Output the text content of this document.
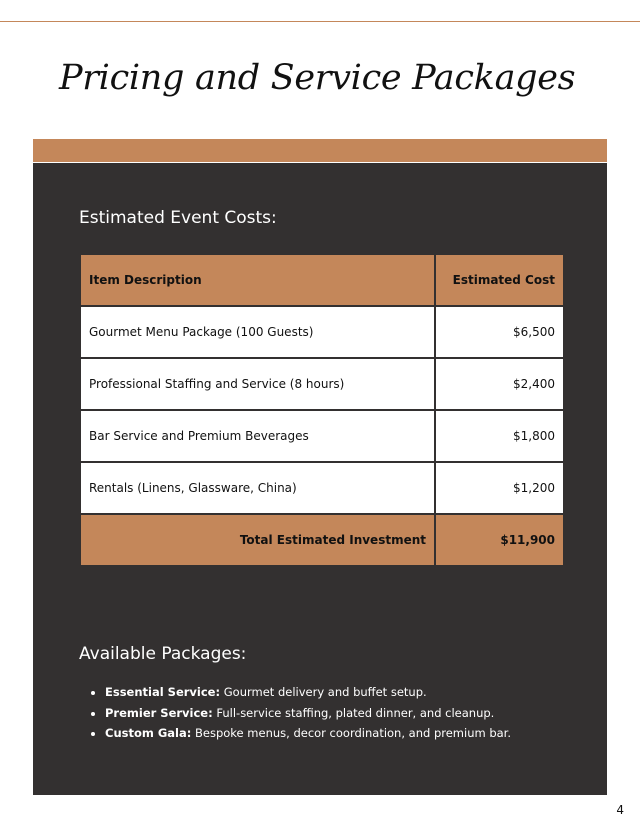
Pricing and Service Packages
Estimated Event Costs:
Item Description	Estimated Cost
Gourmet Menu Package (100 Guests)	$6,500
Professional Staffing and Service (8 hours)	$2,400
Bar Service and Premium Beverages	$1,800
Rentals (Linens, Glassware, China)	$1,200
Total Estimated Investment	$11,900
Available Packages:
• Essential Service: Gourmet delivery and buffet setup.
• Premier Service: Full-service staffing, plated dinner, and cleanup.
• Custom Gala: Bespoke menus, decor coordination, and premium bar.
4
